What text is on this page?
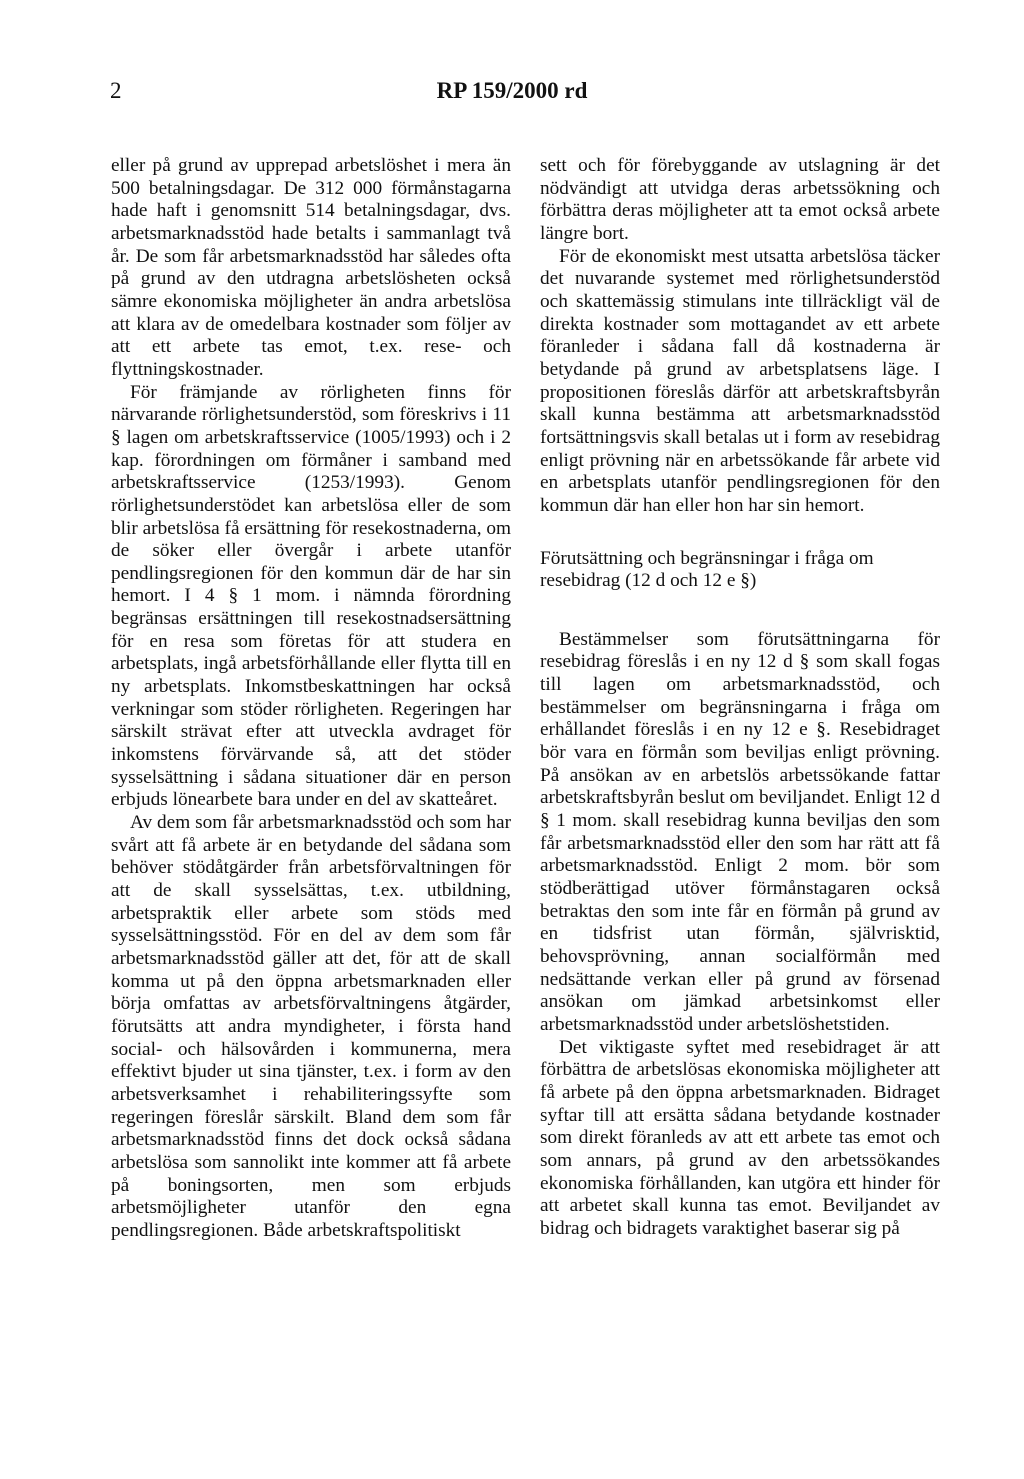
2	RP 159/2000 rd

eller på grund av upprepad arbetslöshet i mera än 500 betalningsdagar. De 312 000 förmånstagarna hade haft i genomsnitt 514 betalningsdagar, dvs. arbetsmarknadsstöd hade betalts i sammanlagt två år. De som får arbetsmarknadsstöd har således ofta på grund av den utdragna arbetslösheten också sämre ekonomiska möjligheter än andra arbetslösa att klara av de omedelbara kostnader som följer av att ett arbete tas emot, t.ex. rese- och flyttningskostnader.

För främjande av rörligheten finns för närvarande rörlighetsunderstöd, som föreskrivs i 11 § lagen om arbetskraftsservice (1005/1993) och i 2 kap. förordningen om förmåner i samband med arbetskraftsservice (1253/1993). Genom rörlighetsunderstödet kan arbetslösa eller de som blir arbetslösa få ersättning för resekostnaderna, om de söker eller övergår i arbete utanför pendlingsregionen för den kommun där de har sin hemort. I 4 § 1 mom. i nämnda förordning begränsas ersättningen till resekostnadsersättning för en resa som företas för att studera en arbetsplats, ingå arbetsförhållande eller flytta till en ny arbetsplats. Inkomstbeskattningen har också verkningar som stöder rörligheten. Regeringen har särskilt strävat efter att utveckla avdraget för inkomstens förvärvande så, att det stöder sysselsättning i sådana situationer där en person erbjuds lönearbete bara under en del av skatteåret.

Av dem som får arbetsmarknadsstöd och som har svårt att få arbete är en betydande del sådana som behöver stödåtgärder från arbetsförvaltningen för att de skall sysselsättas, t.ex. utbildning, arbetspraktik eller arbete som stöds med sysselsättningsstöd. För en del av dem som får arbetsmarknadsstöd gäller att det, för att de skall komma ut på den öppna arbetsmarknaden eller börja omfattas av arbetsförvaltningens åtgärder, förutsätts att andra myndigheter, i första hand social- och hälsovården i kommunerna, mera effektivt bjuder ut sina tjänster, t.ex. i form av den arbetsverksamhet i rehabiliteringssyfte som regeringen föreslår särskilt. Bland dem som får arbetsmarknadsstöd finns det dock också sådana arbetslösa som sannolikt inte kommer att få arbete på boningsorten, men som erbjuds arbetsmöjligheter utanför den egna pendlingsregionen. Både arbetskraftspolitiskt

sett och för förebyggande av utslagning är det nödvändigt att utvidga deras arbetssökning och förbättra deras möjligheter att ta emot också arbete längre bort.

För de ekonomiskt mest utsatta arbetslösa täcker det nuvarande systemet med rörlighetsunderstöd och skattemässig stimulans inte tillräckligt väl de direkta kostnader som mottagandet av ett arbete föranleder i sådana fall då kostnaderna är betydande på grund av arbetsplatsens läge. I propositionen föreslås därför att arbetskraftsbyrån skall kunna bestämma att arbetsmarknadsstöd fortsättningsvis skall betalas ut i form av resebidrag enligt prövning när en arbetssökande får arbete vid en arbetsplats utanför pendlingsregionen för den kommun där han eller hon har sin hemort.

Förutsättning och begränsningar i fråga om resebidrag (12 d och 12 e §)

Bestämmelser som förutsättningarna för resebidrag föreslås i en ny 12 d § som skall fogas till lagen om arbetsmarknadsstöd, och bestämmelser om begränsningarna i fråga om erhållandet föreslås i en ny 12 e §. Resebidraget bör vara en förmån som beviljas enligt prövning. På ansökan av en arbetslös arbetssökande fattar arbetskraftsbyrån beslut om beviljandet. Enligt 12 d § 1 mom. skall resebidrag kunna beviljas den som får arbetsmarknadsstöd eller den som har rätt att få arbetsmarknadsstöd. Enligt 2 mom. bör som stödberättigad utöver förmånstagaren också betraktas den som inte får en förmån på grund av en tidsfrist utan förmån, självrisktid, behovsprövning, annan socialförmån med nedsättande verkan eller på grund av försenad ansökan om jämkad arbetsinkomst eller arbetsmarknadsstöd under arbetslöshetstiden.

Det viktigaste syftet med resebidraget är att förbättra de arbetslösas ekonomiska möjligheter att få arbete på den öppna arbetsmarknaden. Bidraget syftar till att ersätta sådana betydande kostnader som direkt föranleds av att ett arbete tas emot och som annars, på grund av den arbetssökandes ekonomiska förhållanden, kan utgöra ett hinder för att arbetet skall kunna tas emot. Beviljandet av bidrag och bidragets varaktighet baserar sig på
